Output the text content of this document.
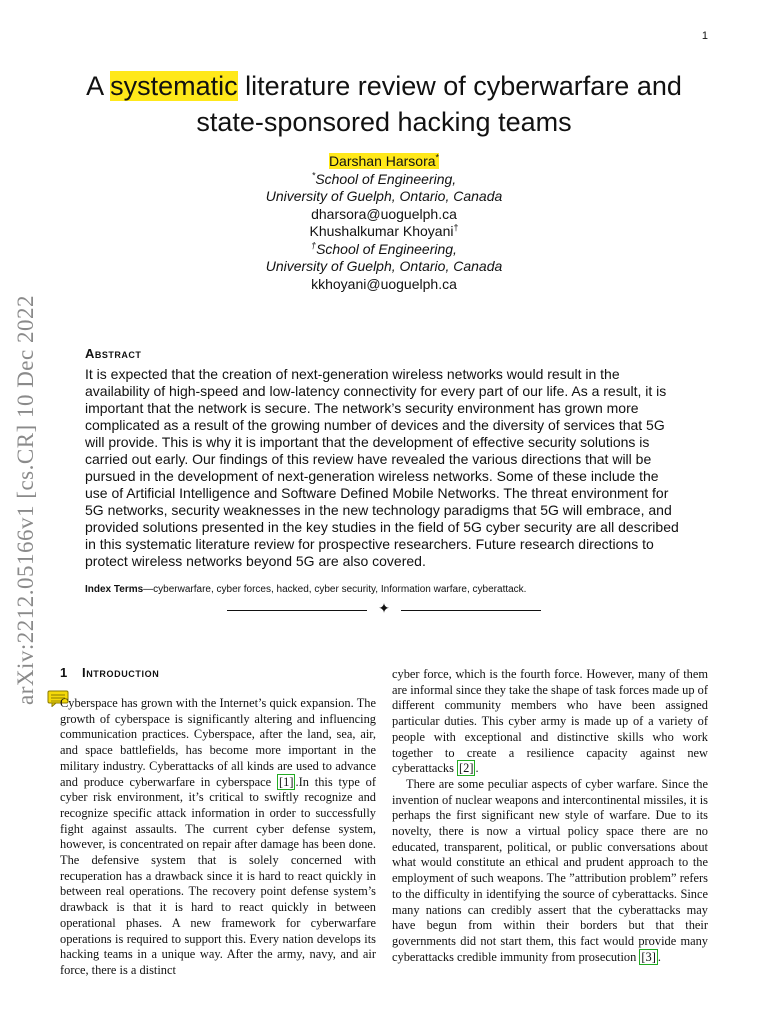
1
arXiv:2212.05166v1 [cs.CR] 10 Dec 2022
A systematic literature review of cyberwarfare and state-sponsored hacking teams
Darshan Harsora*
*School of Engineering,
University of Guelph, Ontario, Canada
dharsora@uoguelph.ca
Khushalkumar Khoyani†
†School of Engineering,
University of Guelph, Ontario, Canada
kkhoyani@uoguelph.ca
Abstract
It is expected that the creation of next-generation wireless networks would result in the availability of high-speed and low-latency connectivity for every part of our life. As a result, it is important that the network is secure. The network’s security environment has grown more complicated as a result of the growing number of devices and the diversity of services that 5G will provide. This is why it is important that the development of effective security solutions is carried out early. Our findings of this review have revealed the various directions that will be pursued in the development of next-generation wireless networks. Some of these include the use of Artificial Intelligence and Software Defined Mobile Networks. The threat environment for 5G networks, security weaknesses in the new technology paradigms that 5G will embrace, and provided solutions presented in the key studies in the field of 5G cyber security are all described in this systematic literature review for prospective researchers. Future research directions to protect wireless networks beyond 5G are also covered.
Index Terms—cyberwarfare, cyber forces, hacked, cyber security, Information warfare, cyberattack.
✦
1 Introduction

Cyberspace has grown with the Internet’s quick expansion. The growth of cyberspace is significantly altering and influencing communication practices. Cyberspace, after the land, sea, air, and space battlefields, has become more important in the military industry. Cyberattacks of all kinds are used to advance and produce cyberwarfare in cyberspace [1] .In this type of cyber risk environment, it’s critical to swiftly recognize and recognize specific attack information in order to successfully fight against assaults. The current cyber defense system, however, is concentrated on repair after damage has been done. The defensive system that is solely concerned with recuperation has a drawback since it is hard to react quickly in between real operations. The recovery point defense system’s drawback is that it is hard to react quickly in between operational phases. A new framework for cyberwarfare operations is required to support this. Every nation develops its hacking teams in a unique way. After the army, navy, and air force, there is a distinct

cyber force, which is the fourth force. However, many of them are informal since they take the shape of task forces made up of different community members who have been assigned particular duties. This cyber army is made up of a variety of people with exceptional and distinctive skills who work together to create a resilience capacity against new cyberattacks [2] .

There are some peculiar aspects of cyber warfare. Since the invention of nuclear weapons and intercontinental missiles, it is perhaps the first significant new style of warfare. Due to its novelty, there is now a virtual policy space there are no educated, transparent, political, or public conversations about what would constitute an ethical and prudent approach to the employment of such weapons. The ”attribution problem” refers to the difficulty in identifying the source of cyberattacks. Since many nations can credibly assert that the cyberattacks may have begun from within their borders but that their governments did not start them, this fact would provide many cyberattacks credible immunity from prosecution [3] .
